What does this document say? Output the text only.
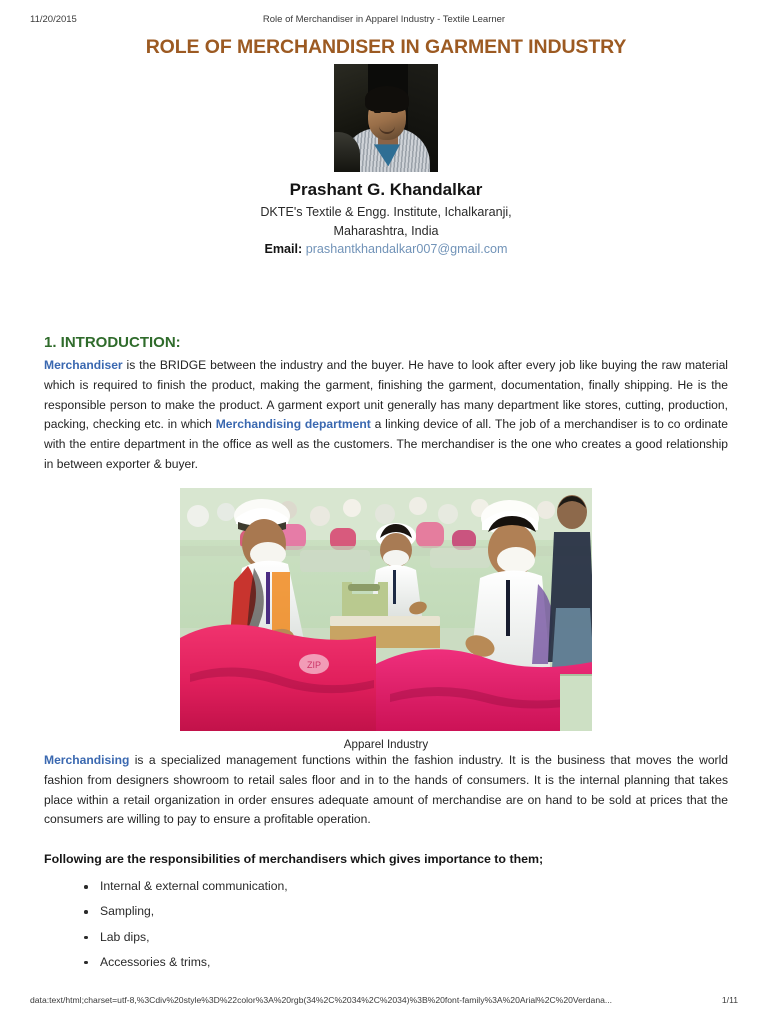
11/20/2015	Role of Merchandiser in Apparel Industry - Textile Learner
ROLE OF MERCHANDISER IN GARMENT INDUSTRY
Prashant G. Khandalkar
DKTE's Textile & Engg. Institute, Ichalkaranji,
Maharashtra, India
Email: prashantkhandalkar007@gmail.com
1. INTRODUCTION:

Merchandiser is the BRIDGE between the industry and the buyer. He have to look after every job like buying the raw material which is required to finish the product, making the garment, finishing the garment, documentation, finally shipping. He is the responsible person to make the product. A garment export unit generally has many department like stores, cutting, production, packing, checking etc. in which Merchandising department a linking device of all. The job of a merchandiser is to co ordinate with the entire department in the office as well as the customers. The merchandiser is the one who creates a good relationship in between exporter & buyer.

ZIP
Apparel Industry

Merchandising is a specialized management functions within the fashion industry. It is the business that moves the world fashion from designers showroom to retail sales floor and in to the hands of consumers. It is the internal planning that takes place within a retail organization in order ensures adequate amount of merchandise are on hand to be sold at prices that the consumers are willing to pay to ensure a profitable operation.

Following are the responsibilities of merchandisers which gives importance to them;
Internal & external communication,
Sampling,
Lab dips,
Accessories & trims,
data:text/html;charset=utf-8,%3Cdiv%20style%3D%22color%3A%20rgb(34%2C%2034%2C%2034)%3B%20font-family%3A%20Arial%2C%20Verdana...	1/11
